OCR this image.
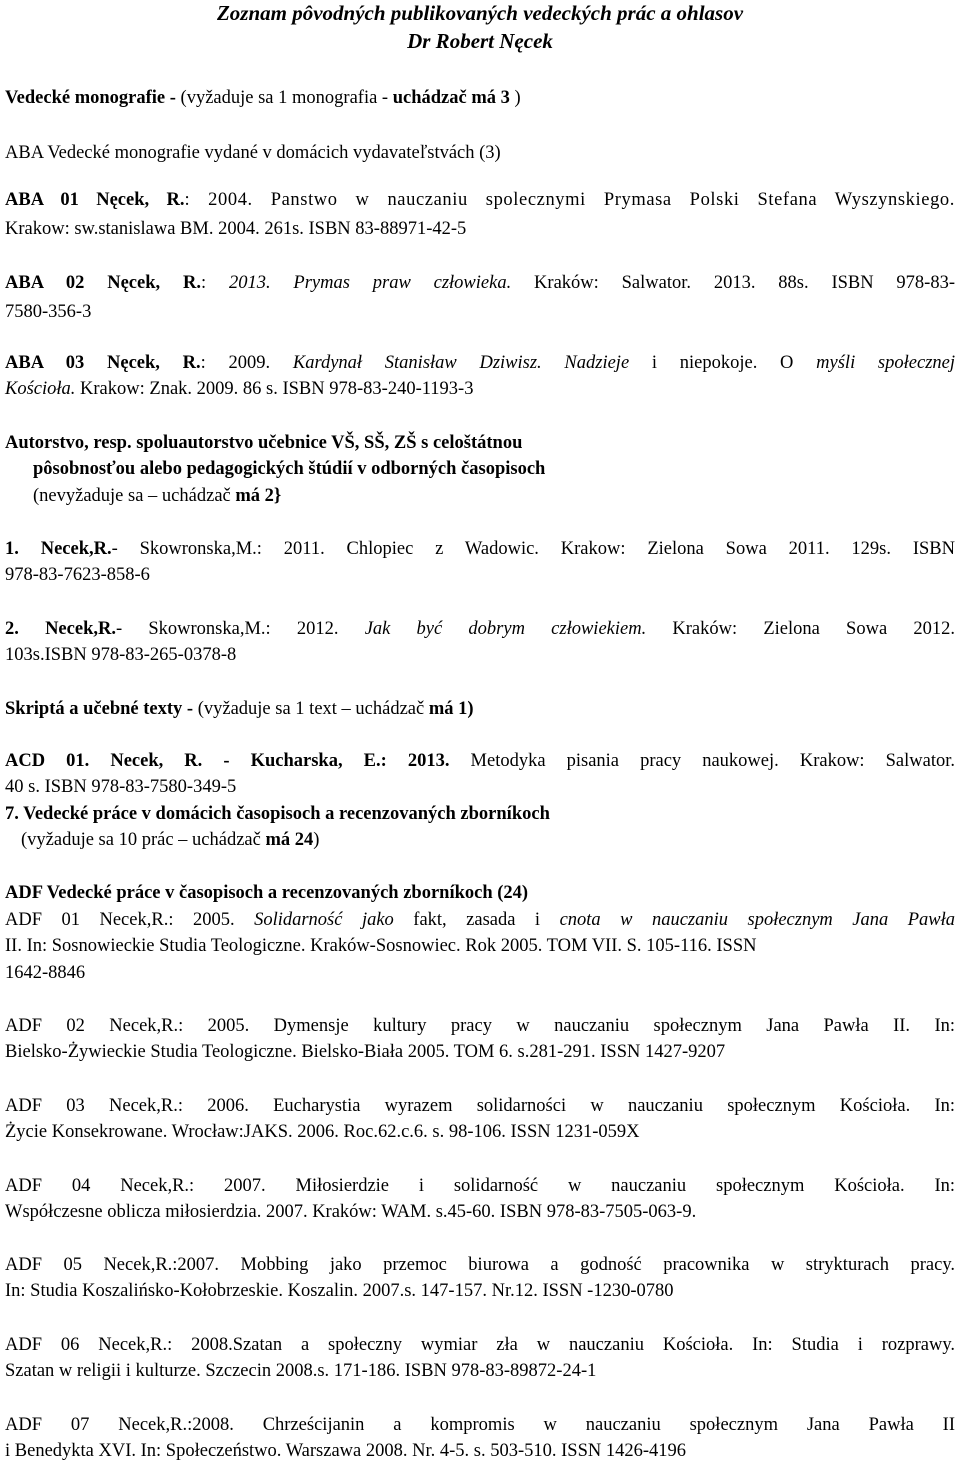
Zoznam pôvodných publikovaných vedeckých prác a ohlasov
Dr Robert Nęcek
Vedecké monografie - (vyžaduje sa 1 monografia - uchádzač má 3 )
ABA Vedecké monografie vydané v domácich vydavateľstvách (3)
ABA 01 Nęcek, R.: 2004. Panstwo w nauczaniu spolecznymi Prymasa Polski Stefana Wyszynskiego.
Krakow: sw.stanislawa BM. 2004. 261s. ISBN 83-88971-42-5
ABA 02 Nęcek, R.: 2013. Prymas praw człowieka. Kraków: Salwator. 2013. 88s. ISBN 978-83-
7580-356-3
ABA 03 Nęcek, R.: 2009. Kardynał Stanisław Dziwisz. Nadzieje i niepokoje. O myśli społecznej
Kościoła. Krakow: Znak. 2009. 86 s. ISBN 978-83-240-1193-3
Autorstvo, resp. spoluautorstvo učebnice VŠ, SŠ, ZŠ s celoštátnou
pôsobnosťou alebo pedagogických štúdií v odborných časopisoch
(nevyžaduje sa – uchádzač má 2}
1. Necek,R.- Skowronska,M.: 2011. Chlopiec z Wadowic. Krakow: Zielona Sowa 2011. 129s. ISBN
978-83-7623-858-6
2. Necek,R.- Skowronska,M.: 2012. Jak być dobrym człowiekiem. Kraków: Zielona Sowa 2012.
103s.ISBN 978-83-265-0378-8
Skriptá a učebné texty - (vyžaduje sa 1 text – uchádzač má 1)
ACD 01. Necek, R. - Kucharska, E.: 2013. Metodyka pisania pracy naukowej. Krakow: Salwator.
40 s. ISBN 978-83-7580-349-5
7. Vedecké práce v domácich časopisoch a recenzovaných zborníkoch
(vyžaduje sa 10 prác – uchádzač má 24)
ADF Vedecké práce v časopisoch a recenzovaných zborníkoch (24)
ADF 01 Necek,R.: 2005. Solidarność jako fakt, zasada i cnota w nauczaniu społecznym Jana Pawła
II. In: Sosnowieckie Studia Teologiczne. Kraków-Sosnowiec. Rok 2005. TOM VII. S. 105-116. ISSN
1642-8846
ADF 02 Necek,R.: 2005. Dymensje kultury pracy w nauczaniu społecznym Jana Pawła II. In:
Bielsko-Żywieckie Studia Teologiczne. Bielsko-Biała 2005. TOM 6. s.281-291. ISSN 1427-9207
ADF 03 Necek,R.: 2006. Eucharystia wyrazem solidarności w nauczaniu społecznym Kościoła. In:
Życie Konsekrowane. Wrocław:JAKS. 2006. Roc.62.c.6. s. 98-106. ISSN 1231-059X
ADF 04 Necek,R.: 2007. Miłosierdzie i solidarność w nauczaniu społecznym Kościoła. In:
Współczesne oblicza miłosierdzia. 2007. Kraków: WAM. s.45-60. ISBN 978-83-7505-063-9.
ADF 05 Necek,R.:2007. Mobbing jako przemoc biurowa a godność pracownika w strykturach pracy.
In: Studia Koszalińsko-Kołobrzeskie. Koszalin. 2007.s. 147-157. Nr.12. ISSN -1230-0780
ADF 06 Necek,R.: 2008.Szatan a społeczny wymiar zła w nauczaniu Kościoła. In: Studia i rozprawy.
Szatan w religii i kulturze. Szczecin 2008.s. 171-186. ISBN 978-83-89872-24-1
ADF 07 Necek,R.:2008. Chrześcijanin a kompromis w nauczaniu społecznym Jana Pawła II
i Benedykta XVI. In: Społeczeństwo. Warszawa 2008. Nr. 4-5. s. 503-510. ISSN 1426-4196
